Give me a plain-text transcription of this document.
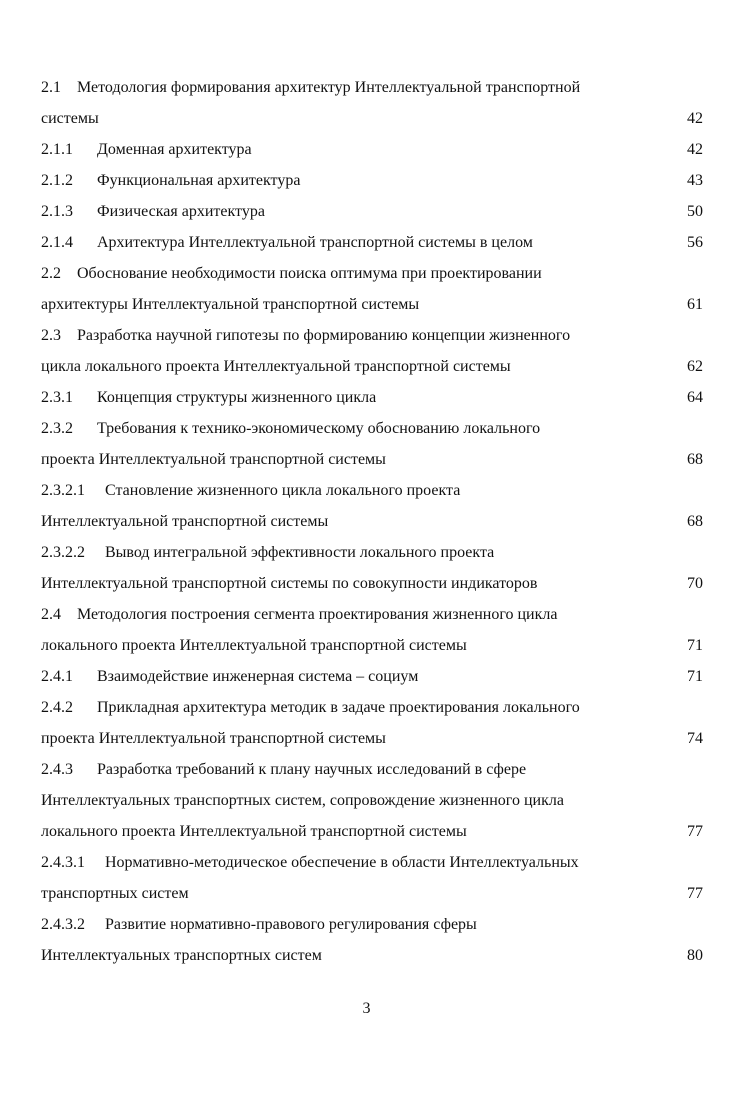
2.1	Методология формирования архитектур Интеллектуальной транспортной
системы	42
2.1.1	Доменная архитектура	42
2.1.2	Функциональная архитектура	43
2.1.3	Физическая архитектура	50
2.1.4	Архитектура Интеллектуальной транспортной системы в целом	56
2.2	Обоснование необходимости поиска оптимума при проектировании
архитектуры Интеллектуальной транспортной системы	61
2.3	Разработка научной гипотезы по формированию концепции жизненного
цикла локального проекта Интеллектуальной транспортной системы	62
2.3.1	Концепция структуры жизненного цикла	64
2.3.2	Требования к технико-экономическому обоснованию локального
проекта Интеллектуальной транспортной системы	68
2.3.2.1	Становление жизненного цикла локального проекта
Интеллектуальной транспортной системы	68
2.3.2.2	Вывод интегральной эффективности локального проекта
Интеллектуальной транспортной системы по совокупности индикаторов	70
2.4	Методология построения сегмента проектирования жизненного цикла
локального проекта Интеллектуальной транспортной системы	71
2.4.1	Взаимодействие инженерная система – социум	71
2.4.2	Прикладная архитектура методик в задаче проектирования локального
проекта Интеллектуальной транспортной системы	74
2.4.3	Разработка требований к плану научных исследований в сфере
Интеллектуальных транспортных систем, сопровождение жизненного цикла
локального проекта Интеллектуальной транспортной системы	77
2.4.3.1	Нормативно-методическое обеспечение в области Интеллектуальных
транспортных систем	77
2.4.3.2	Развитие нормативно-правового регулирования сферы
Интеллектуальных транспортных систем	80
3
